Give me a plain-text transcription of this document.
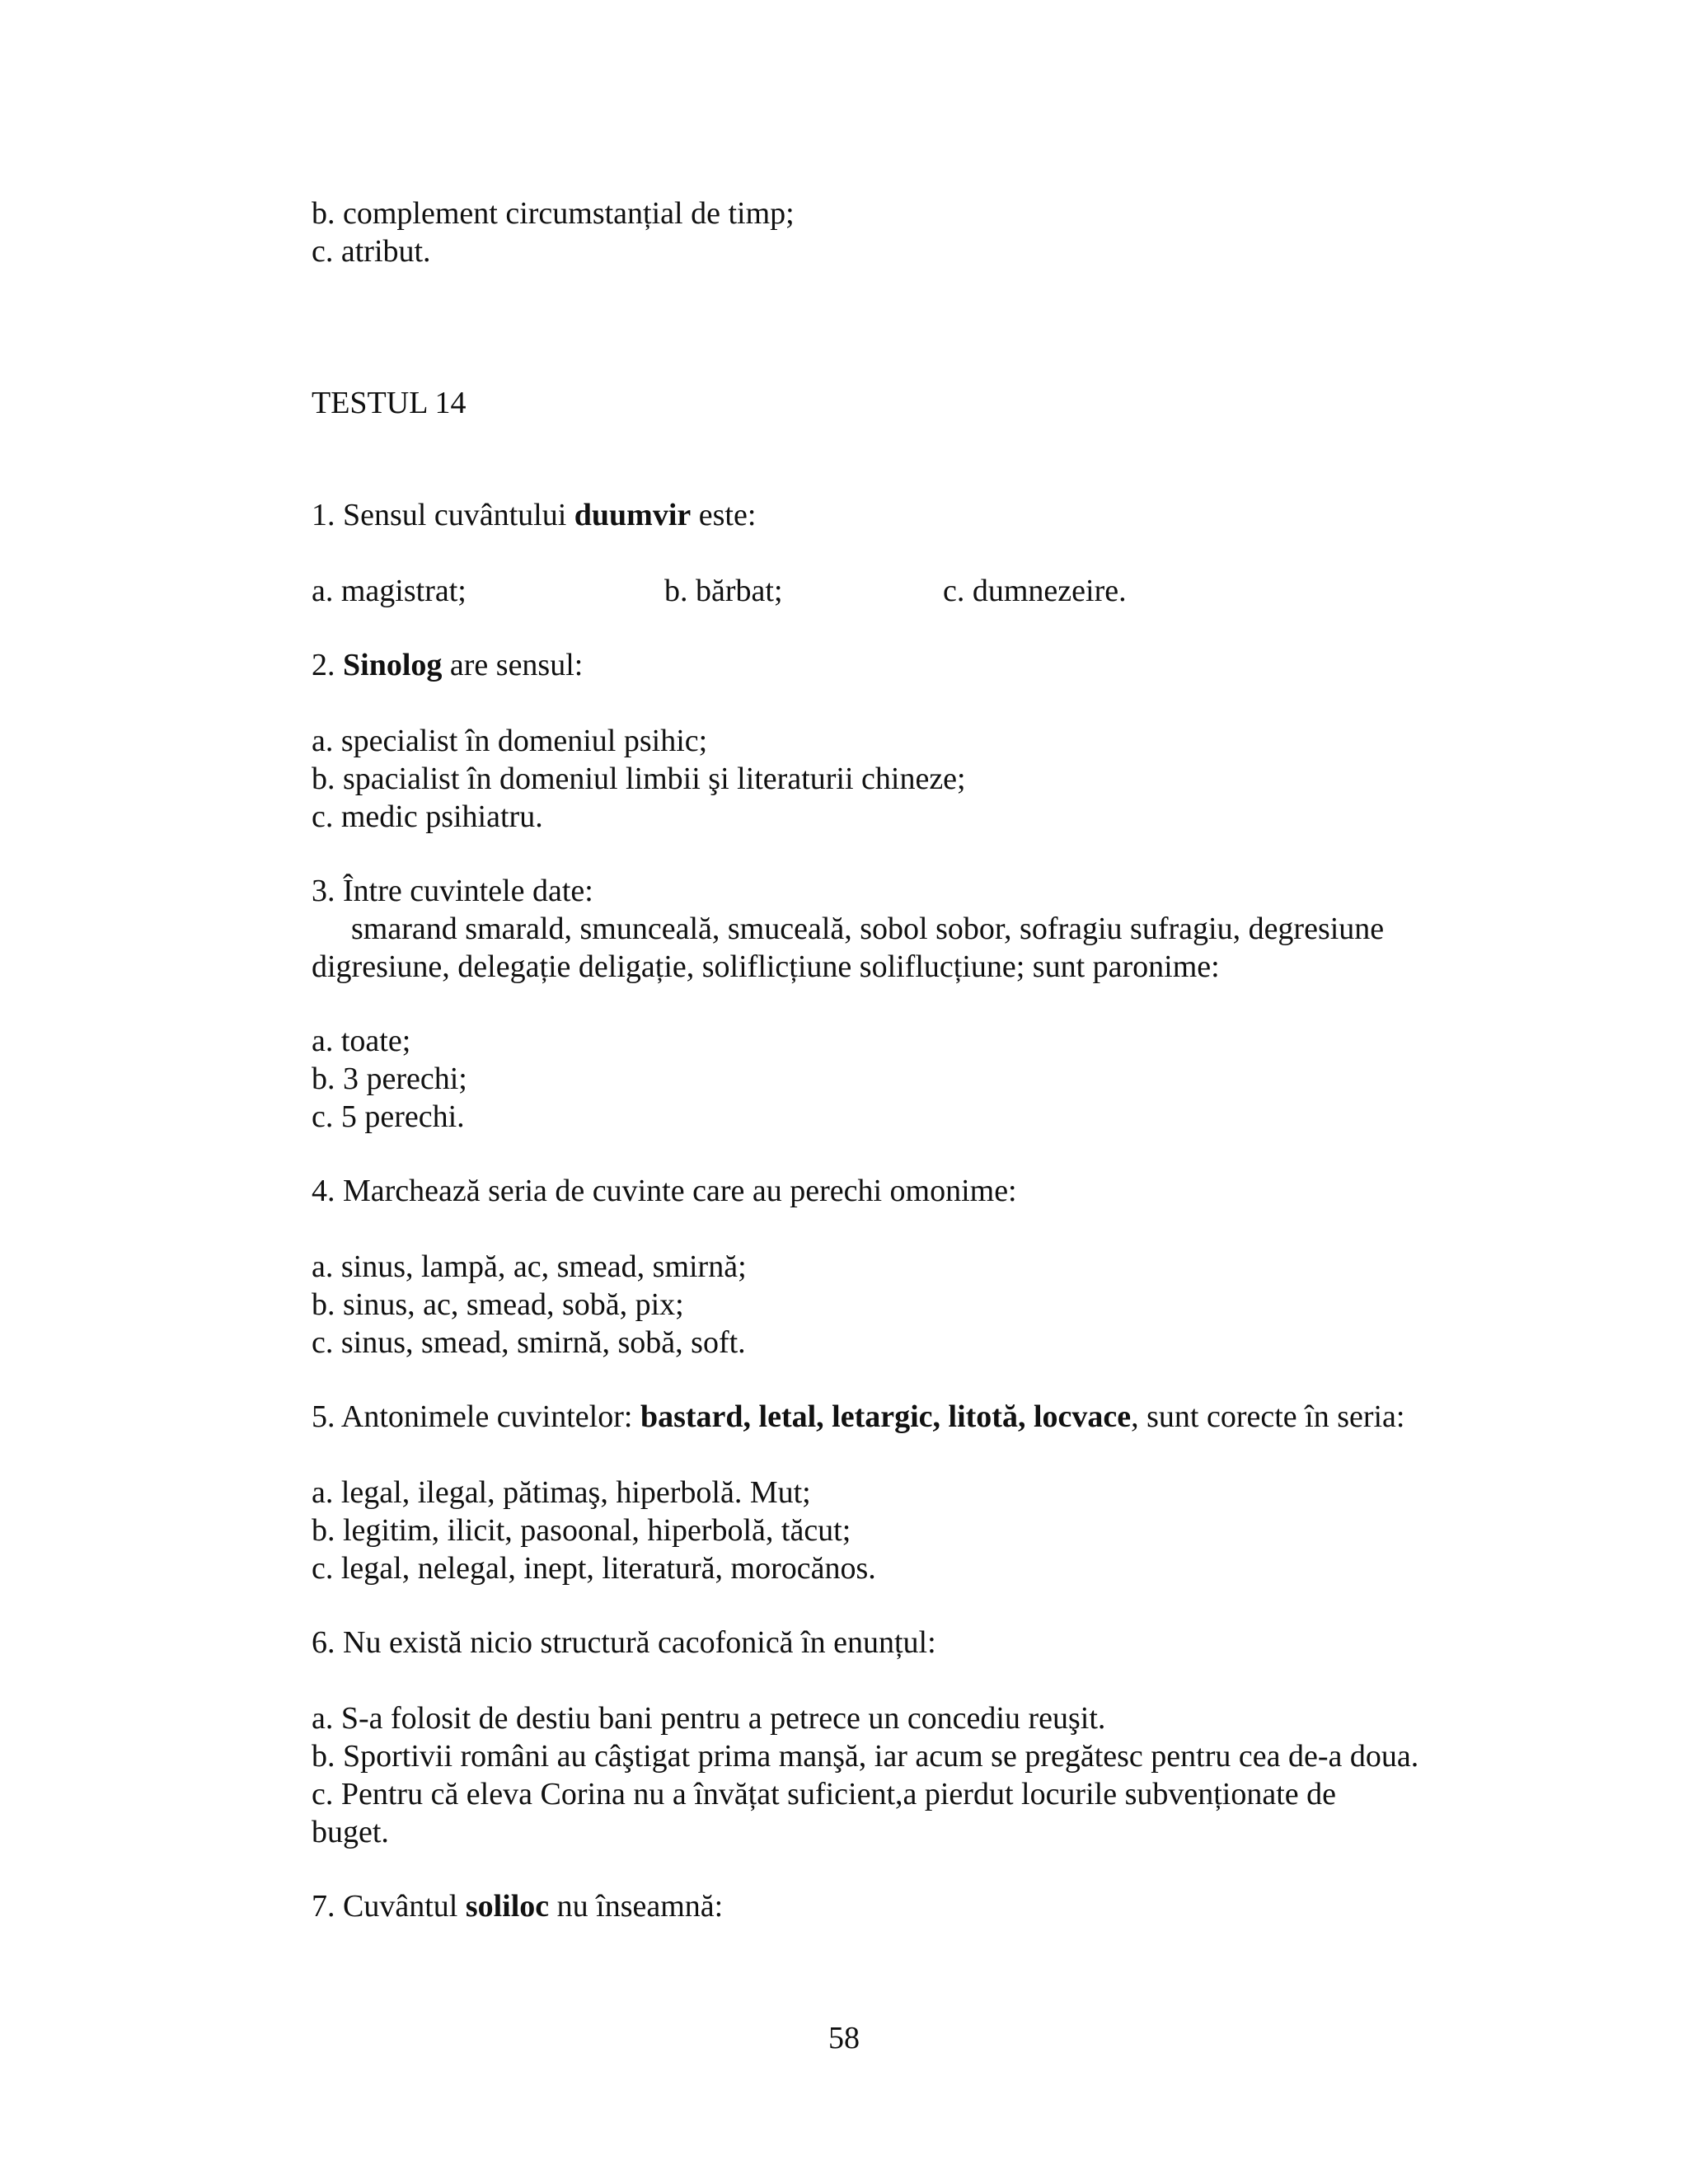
b. complement circumstanțial de timp;

c. atribut.

TESTUL 14

1. Sensul cuvântului duumvir este:

a. magistrat;	b. bărbat;	c. dumnezeire.

2. Sinolog are sensul:

a. specialist în domeniul psihic;

b. spacialist în domeniul limbii şi literaturii chineze;

c. medic psihiatru.

3. Între cuvintele date:

smarand smarald, smunceală, smuceală, sobol sobor, sofragiu sufragiu, degresiune

digresiune, delegație deligație, soliflicțiune soliflucțiune; sunt paronime:

a. toate;

b. 3 perechi;

c. 5 perechi.

4. Marchează seria de cuvinte care au perechi omonime:

a. sinus, lampă, ac, smead, smirnă;

b. sinus, ac, smead, sobă, pix;

c. sinus, smead, smirnă, sobă, soft.

5. Antonimele cuvintelor: bastard, letal, letargic, litotă, locvace, sunt corecte în seria:

a. legal, ilegal, pătimaş, hiperbolă. Mut;

b. legitim, ilicit, pasoonal, hiperbolă, tăcut;

c. legal, nelegal, inept, literatură, morocănos.

6. Nu există nicio structură cacofonică în enunțul:

a. S-a folosit de destiu bani pentru a petrece un concediu reuşit.

b. Sportivii români au câştigat prima manşă, iar acum se pregătesc pentru cea de-a doua.

c. Pentru că eleva Corina nu a învățat suficient,a pierdut locurile subvenționate de

buget.

7. Cuvântul soliloc nu înseamnă:

58
